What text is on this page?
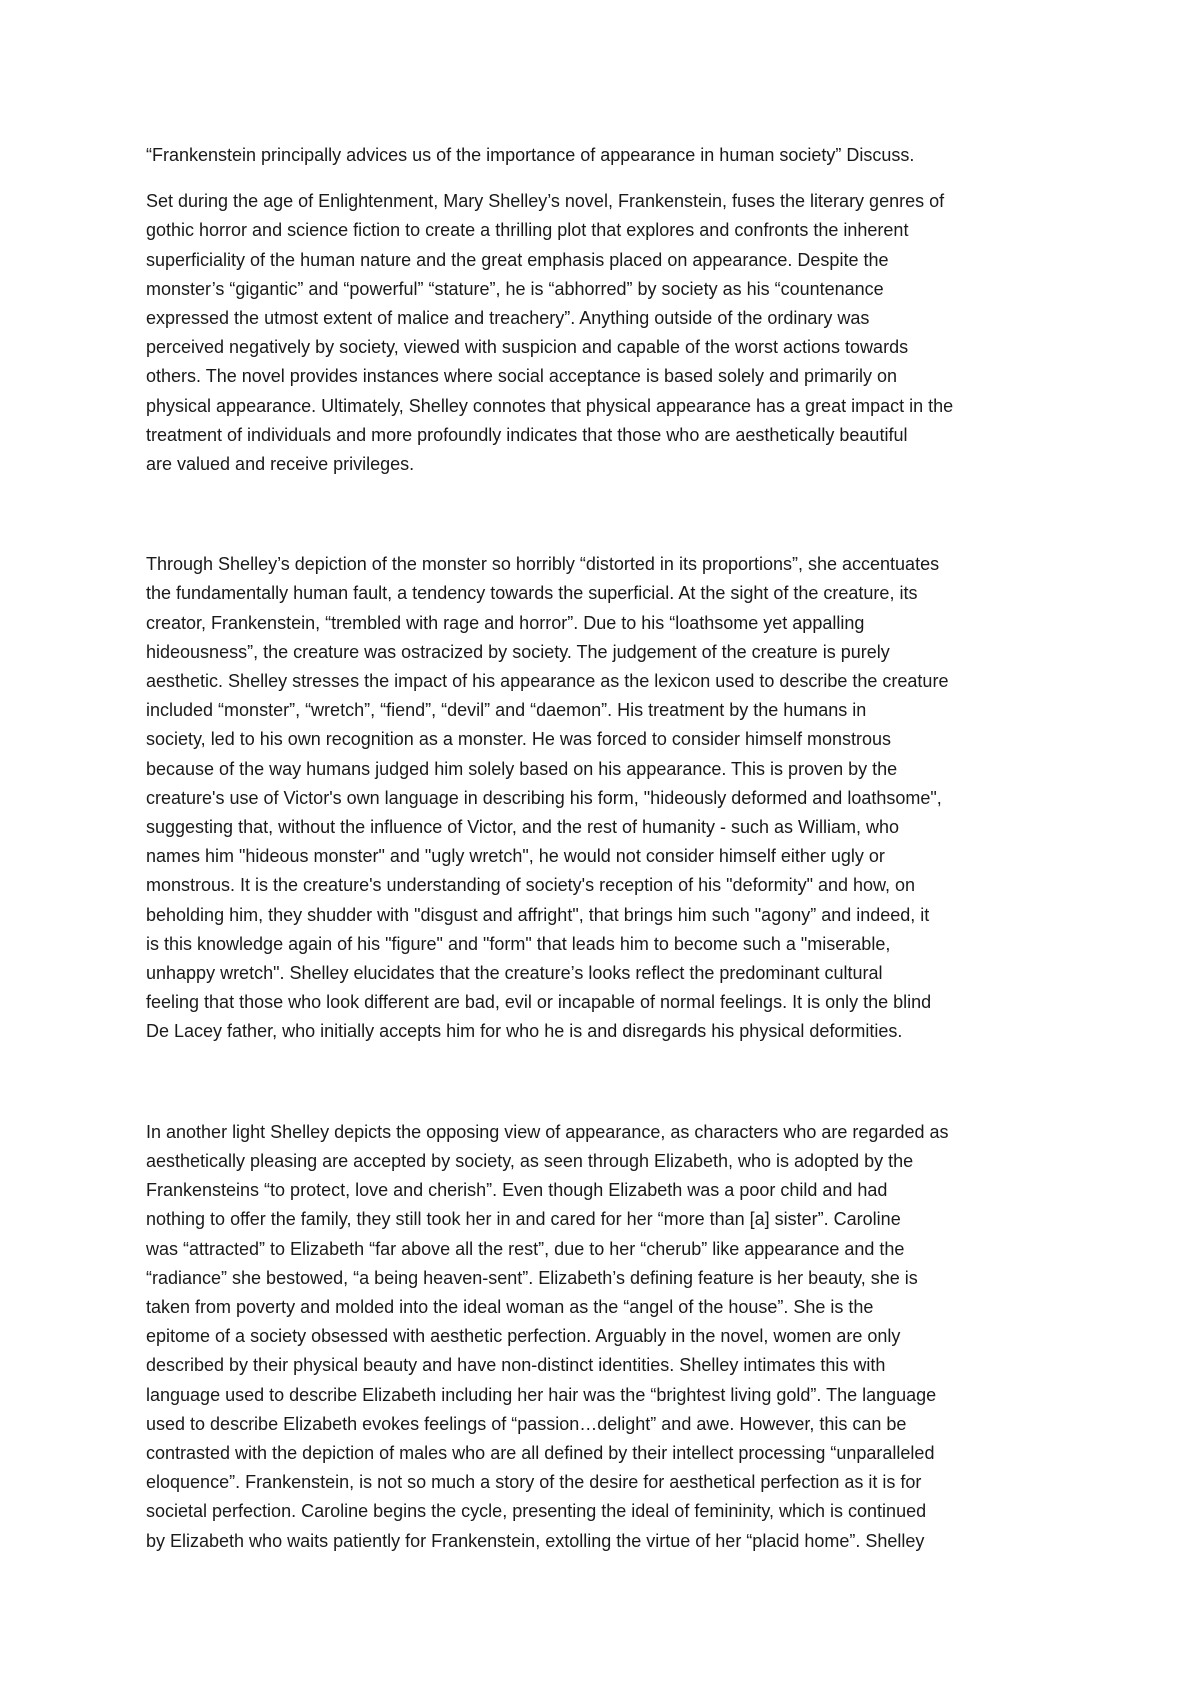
“Frankenstein principally advices us of the importance of appearance in human society” Discuss.
Set during the age of Enlightenment, Mary Shelley’s novel, Frankenstein, fuses the literary genres of
gothic horror and science fiction to create a thrilling plot that explores and confronts the inherent
superficiality of the human nature and the great emphasis placed on appearance. Despite the
monster’s “gigantic” and “powerful” “stature”, he is “abhorred” by society as his “countenance
expressed the utmost extent of malice and treachery”. Anything outside of the ordinary was
perceived negatively by society, viewed with suspicion and capable of the worst actions towards
others. The novel provides instances where social acceptance is based solely and primarily on
physical appearance. Ultimately, Shelley connotes that physical appearance has a great impact in the
treatment of individuals and more profoundly indicates that those who are aesthetically beautiful
are valued and receive privileges.
Through Shelley’s depiction of the monster so horribly “distorted in its proportions”, she accentuates
the fundamentally human fault, a tendency towards the superficial. At the sight of the creature, its
creator, Frankenstein, “trembled with rage and horror”. Due to his “loathsome yet appalling
hideousness”, the creature was ostracized by society. The judgement of the creature is purely
aesthetic. Shelley stresses the impact of his appearance as the lexicon used to describe the creature
included “monster”, “wretch”, “fiend”, “devil” and “daemon”. His treatment by the humans in
society, led to his own recognition as a monster. He was forced to consider himself monstrous
because of the way humans judged him solely based on his appearance. This is proven by the
creature's use of Victor's own language in describing his form, "hideously deformed and loathsome",
suggesting that, without the influence of Victor, and the rest of humanity - such as William, who
names him "hideous monster" and "ugly wretch", he would not consider himself either ugly or
monstrous. It is the creature's understanding of society's reception of his "deformity" and how, on
beholding him, they shudder with "disgust and affright", that brings him such "agony” and indeed, it
is this knowledge again of his "figure" and "form" that leads him to become such a "miserable,
unhappy wretch". Shelley elucidates that the creature’s looks reflect the predominant cultural
feeling that those who look different are bad, evil or incapable of normal feelings. It is only the blind
De Lacey father, who initially accepts him for who he is and disregards his physical deformities.
In another light Shelley depicts the opposing view of appearance, as characters who are regarded as
aesthetically pleasing are accepted by society, as seen through Elizabeth, who is adopted by the
Frankensteins “to protect, love and cherish”. Even though Elizabeth was a poor child and had
nothing to offer the family, they still took her in and cared for her “more than [a] sister”. Caroline
was “attracted” to Elizabeth “far above all the rest”, due to her “cherub” like appearance and the
“radiance” she bestowed, “a being heaven-sent”. Elizabeth’s defining feature is her beauty, she is
taken from poverty and molded into the ideal woman as the “angel of the house”. She is the
epitome of a society obsessed with aesthetic perfection. Arguably in the novel, women are only
described by their physical beauty and have non-distinct identities. Shelley intimates this with
language used to describe Elizabeth including her hair was the “brightest living gold”. The language
used to describe Elizabeth evokes feelings of “passion…delight” and awe. However, this can be
contrasted with the depiction of males who are all defined by their intellect processing “unparalleled
eloquence”. Frankenstein, is not so much a story of the desire for aesthetical perfection as it is for
societal perfection. Caroline begins the cycle, presenting the ideal of femininity, which is continued
by Elizabeth who waits patiently for Frankenstein, extolling the virtue of her “placid home”. Shelley
